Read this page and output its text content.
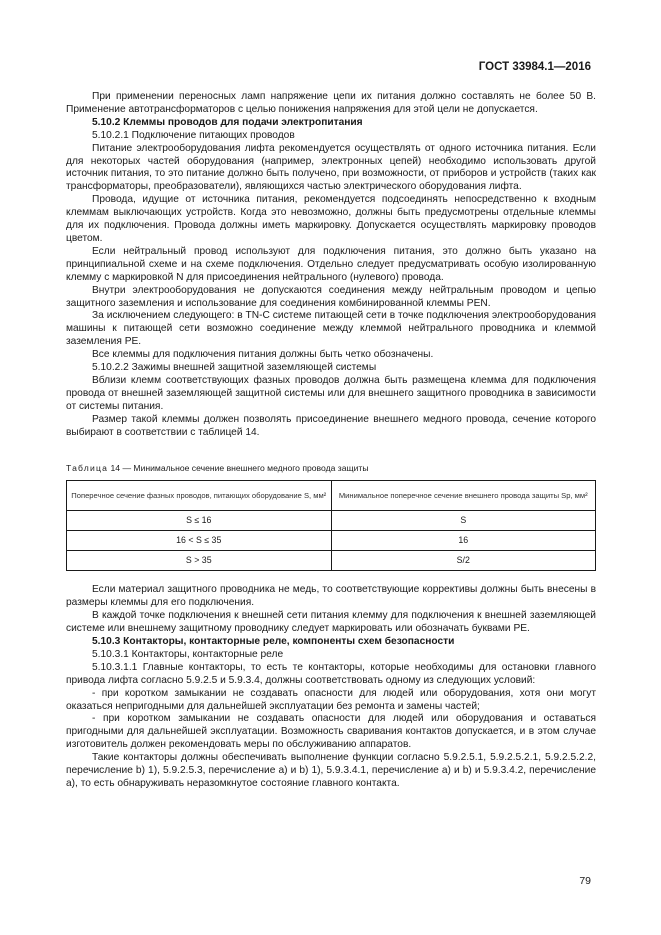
ГОСТ 33984.1—2016

При применении переносных ламп напряжение цепи их питания должно составлять не более 50 В. Применение автотрансформаторов с целью понижения напряжения для этой цели не допускается.

5.10.2 Клеммы проводов для подачи электропитания

5.10.2.1 Подключение питающих проводов

Питание электрооборудования лифта рекомендуется осуществлять от одного источника питания. Если для некоторых частей оборудования (например, электронных цепей) необходимо использовать другой источник питания, то это питание должно быть получено, при возможности, от приборов и устройств (таких как трансформаторы, преобразователи), являющихся частью электрического оборудования лифта.

Провода, идущие от источника питания, рекомендуется подсоединять непосредственно к входным клеммам выключающих устройств. Когда это невозможно, должны быть предусмотрены отдельные клеммы для их подключения. Провода должны иметь маркировку. Допускается осуществлять маркировку проводов цветом.

Если нейтральный провод используют для подключения питания, это должно быть указано на принципиальной схеме и на схеме подключения. Отдельно следует предусматривать особую изолированную клемму с маркировкой N для присоединения нейтрального (нулевого) провода.

Внутри электрооборудования не допускаются соединения между нейтральным проводом и цепью защитного заземления и использование для соединения комбинированной клеммы PEN.

За исключением следующего: в TN-C системе питающей сети в точке подключения электрооборудования машины к питающей сети возможно соединение между клеммой нейтрального проводника и клеммой заземления PE.

Все клеммы для подключения питания должны быть четко обозначены.

5.10.2.2 Зажимы внешней защитной заземляющей системы

Вблизи клемм соответствующих фазных проводов должна быть размещена клемма для подключения провода от внешней заземляющей защитной системы или для внешнего защитного проводника в зависимости от системы питания.

Размер такой клеммы должен позволять присоединение внешнего медного провода, сечение которого выбирают в соответствии с таблицей 14.

Таблица 14 — Минимальное сечение внешнего медного провода защиты
Поперечное сечение фазных проводов, питающих оборудование S, мм²	Минимальное поперечное сечение внешнего провода защиты Sp, мм²
S ≤ 16	S
16 < S ≤ 35	16
S > 35	S/2

Если материал защитного проводника не медь, то соответствующие коррективы должны быть внесены в размеры клеммы для его подключения.

В каждой точке подключения к внешней сети питания клемму для подключения к внешней заземляющей системе или внешнему защитному проводнику следует маркировать или обозначать буквами PE.

5.10.3 Контакторы, контакторные реле, компоненты схем безопасности

5.10.3.1 Контакторы, контакторные реле

5.10.3.1.1 Главные контакторы, то есть те контакторы, которые необходимы для остановки главного привода лифта согласно 5.9.2.5 и 5.9.3.4, должны соответствовать одному из следующих условий:

- при коротком замыкании не создавать опасности для людей или оборудования, хотя они могут оказаться непригодными для дальнейшей эксплуатации без ремонта и замены частей;

- при коротком замыкании не создавать опасности для людей или оборудования и оставаться пригодными для дальнейшей эксплуатации. Возможность сваривания контактов допускается, и в этом случае изготовитель должен рекомендовать меры по обслуживанию аппаратов.

Такие контакторы должны обеспечивать выполнение функции согласно 5.9.2.5.1, 5.9.2.5.2.1, 5.9.2.5.2.2, перечисление b) 1), 5.9.2.5.3, перечисление a) и b) 1), 5.9.3.4.1, перечисление a) и b) и 5.9.3.4.2, перечисление a), то есть обнаруживать неразомкнутое состояние главного контакта.

79
